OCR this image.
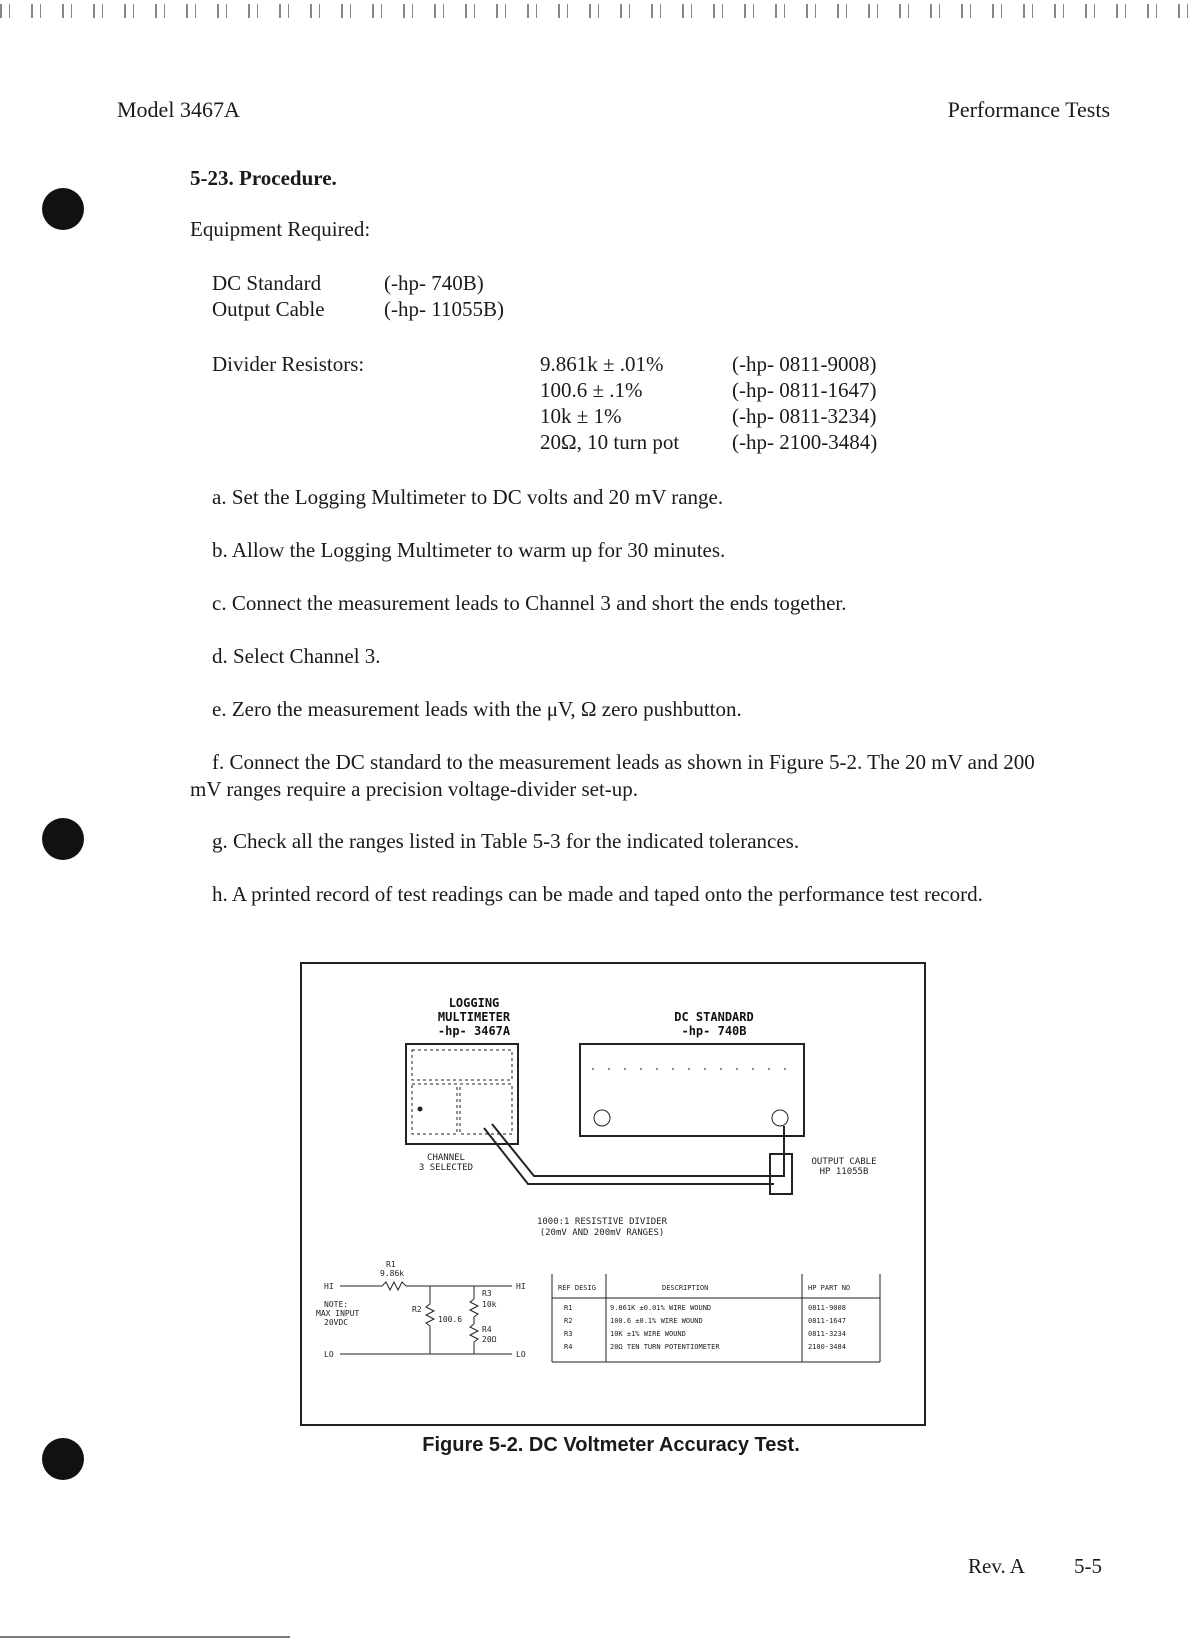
Model 3467A	Performance Tests
5-23. Procedure.
Equipment Required:
DC Standard	(-hp- 740B)
Output Cable	(-hp- 11055B)
Divider Resistors:	9.861k ± .01%	(-hp- 0811-9008)
100.6 ± .1%	(-hp- 0811-1647)
10k ± 1%	(-hp- 0811-3234)
20Ω, 10 turn pot	(-hp- 2100-3484)
a. Set the Logging Multimeter to DC volts and 20 mV range.
b. Allow the Logging Multimeter to warm up for 30 minutes.
c. Connect the measurement leads to Channel 3 and short the ends together.
d. Select Channel 3.
e. Zero the measurement leads with the μV, Ω zero pushbutton.
f. Connect the DC standard to the measurement leads as shown in Figure 5-2. The 20 mV and 200 mV ranges require a precision voltage-divider set-up.
g. Check all the ranges listed in Table 5-3 for the indicated tolerances.
h. A printed record of test readings can be made and taped onto the performance test record.
LOGGING
MULTIMETER
-hp- 3467A
DC STANDARD
-hp- 740B
CHANNEL
3 SELECTED
OUTPUT CABLE
HP 11055B
1000:1 RESISTIVE DIVIDER
(20mV AND 200mV RANGES)
HI
LO
HI
LO
R1
9.86k
R2
100.6
R3
10k
R4
20Ω
NOTE:
MAX INPUT
20VDC
REF DESIG	DESCRIPTION	HP PART NO
R1	9.861K ±0.01% WIRE WOUND	0811-9008
R2	100.6 ±0.1% WIRE WOUND	0811-1647
R3	10K ±1% WIRE WOUND	0811-3234
R4	20Ω TEN TURN POTENTIOMETER	2100-3484
Figure 5-2. DC Voltmeter Accuracy Test.
Rev. A 5-5
